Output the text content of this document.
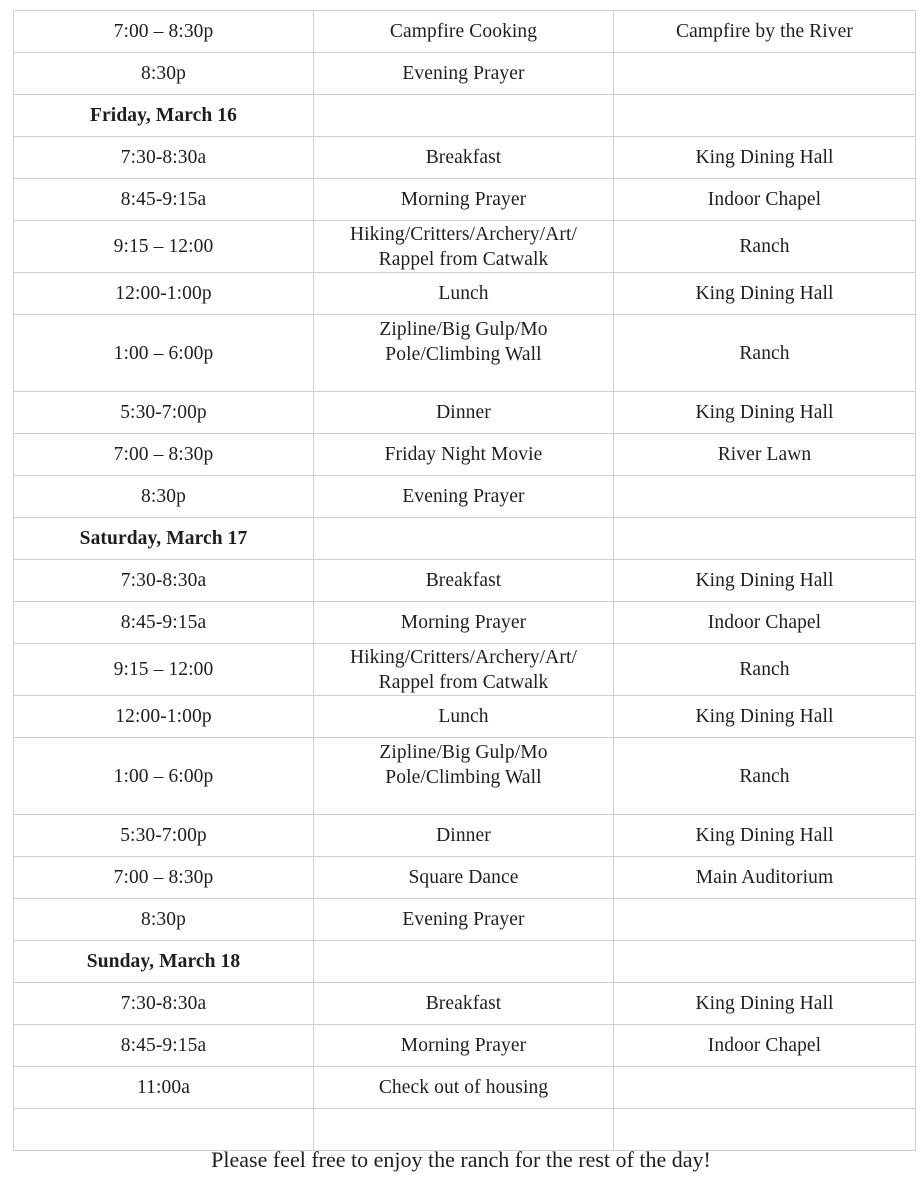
7:00 – 8:30p	Campfire Cooking	Campfire by the River
8:30p	Evening Prayer	
Friday, March 16		
7:30-8:30a	Breakfast	King Dining Hall
8:45-9:15a	Morning Prayer	Indoor Chapel
9:15 – 12:00	Hiking/Critters/Archery/Art/ Rappel from Catwalk	Ranch
12:00-1:00p	Lunch	King Dining Hall
1:00 – 6:00p	Zipline/Big Gulp/Mo Pole/Climbing Wall	Ranch
5:30-7:00p	Dinner	King Dining Hall
7:00 – 8:30p	Friday Night Movie	River Lawn
8:30p	Evening Prayer	
Saturday, March 17		
7:30-8:30a	Breakfast	King Dining Hall
8:45-9:15a	Morning Prayer	Indoor Chapel
9:15 – 12:00	Hiking/Critters/Archery/Art/ Rappel from Catwalk	Ranch
12:00-1:00p	Lunch	King Dining Hall
1:00 – 6:00p	Zipline/Big Gulp/Mo Pole/Climbing Wall	Ranch
5:30-7:00p	Dinner	King Dining Hall
7:00 – 8:30p	Square Dance	Main Auditorium
8:30p	Evening Prayer	
Sunday, March 18		
7:30-8:30a	Breakfast	King Dining Hall
8:45-9:15a	Morning Prayer	Indoor Chapel
11:00a	Check out of housing	

Please feel free to enjoy the ranch for the rest of the day!
